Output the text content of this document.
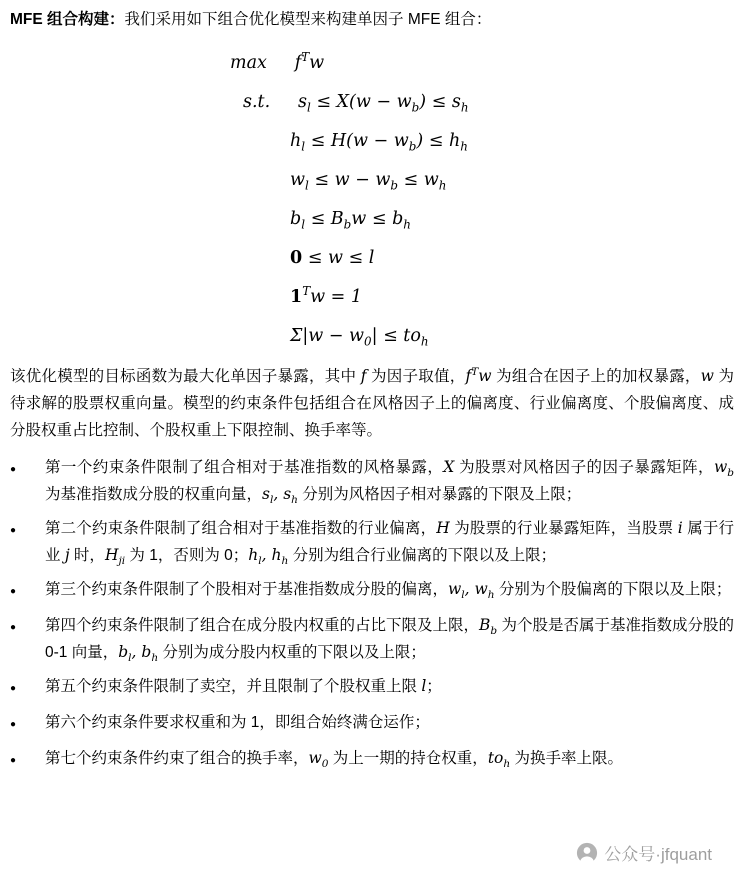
MFE 组合构建：我们采用如下组合优化模型来构建单因子 MFE 组合：
max     $f^Tw$
s.t.     $s_l \le X(w - w_b) \le s_h$
$h_l \le H(w - w_b) \le h_h$
$w_l \le w - w_b \le w_h$
$b_l \le B_bw \le b_h$
0 ≤ w ≤ l
$1^Tw = 1$
$\Sigma|w - w_0| \le to_h$

该优化模型的目标函数为最大化单因子暴露，其中 f 为因子取值，$f^Tw$ 为组合在因子上的加权暴露，w 为待求解的股票权重向量。模型的约束条件包括组合在风格因子上的偏离度、行业偏离度、个股偏离度、成分股权重占比控制、个股权重上下限控制、换手率等。

●	第一个约束条件限制了组合相对于基准指数的风格暴露，X 为股票对风格因子的因子暴露矩阵，$w_b$ 为基准指数成分股的权重向量，$s_l$, $s_h$ 分别为风格因子相对暴露的下限及上限；
●	第二个约束条件限制了组合相对于基准指数的行业偏离，H 为股票的行业暴露矩阵，当股票 i 属于行业 j 时，$H_{ji}$ 为 1，否则为 0；$h_l$, $h_h$ 分别为组合行业偏离的下限以及上限；
●	第三个约束条件限制了个股相对于基准指数成分股的偏离，$w_l$, $w_h$ 分别为个股偏离的下限以及上限；
●	第四个约束条件限制了组合在成分股内权重的占比下限及上限，$B_b$ 为个股是否属于基准指数成分股的 0-1 向量，$b_l$, $b_h$ 分别为成分股内权重的下限以及上限；
●	第五个约束条件限制了卖空，并且限制了个股权重上限 l；
●	第六个约束条件要求权重和为 1，即组合始终满仓运作；
●	第七个约束条件约束了组合的换手率，$w_0$ 为上一期的持仓权重，$to_h$ 为换手率上限。
公众号·jfquant
